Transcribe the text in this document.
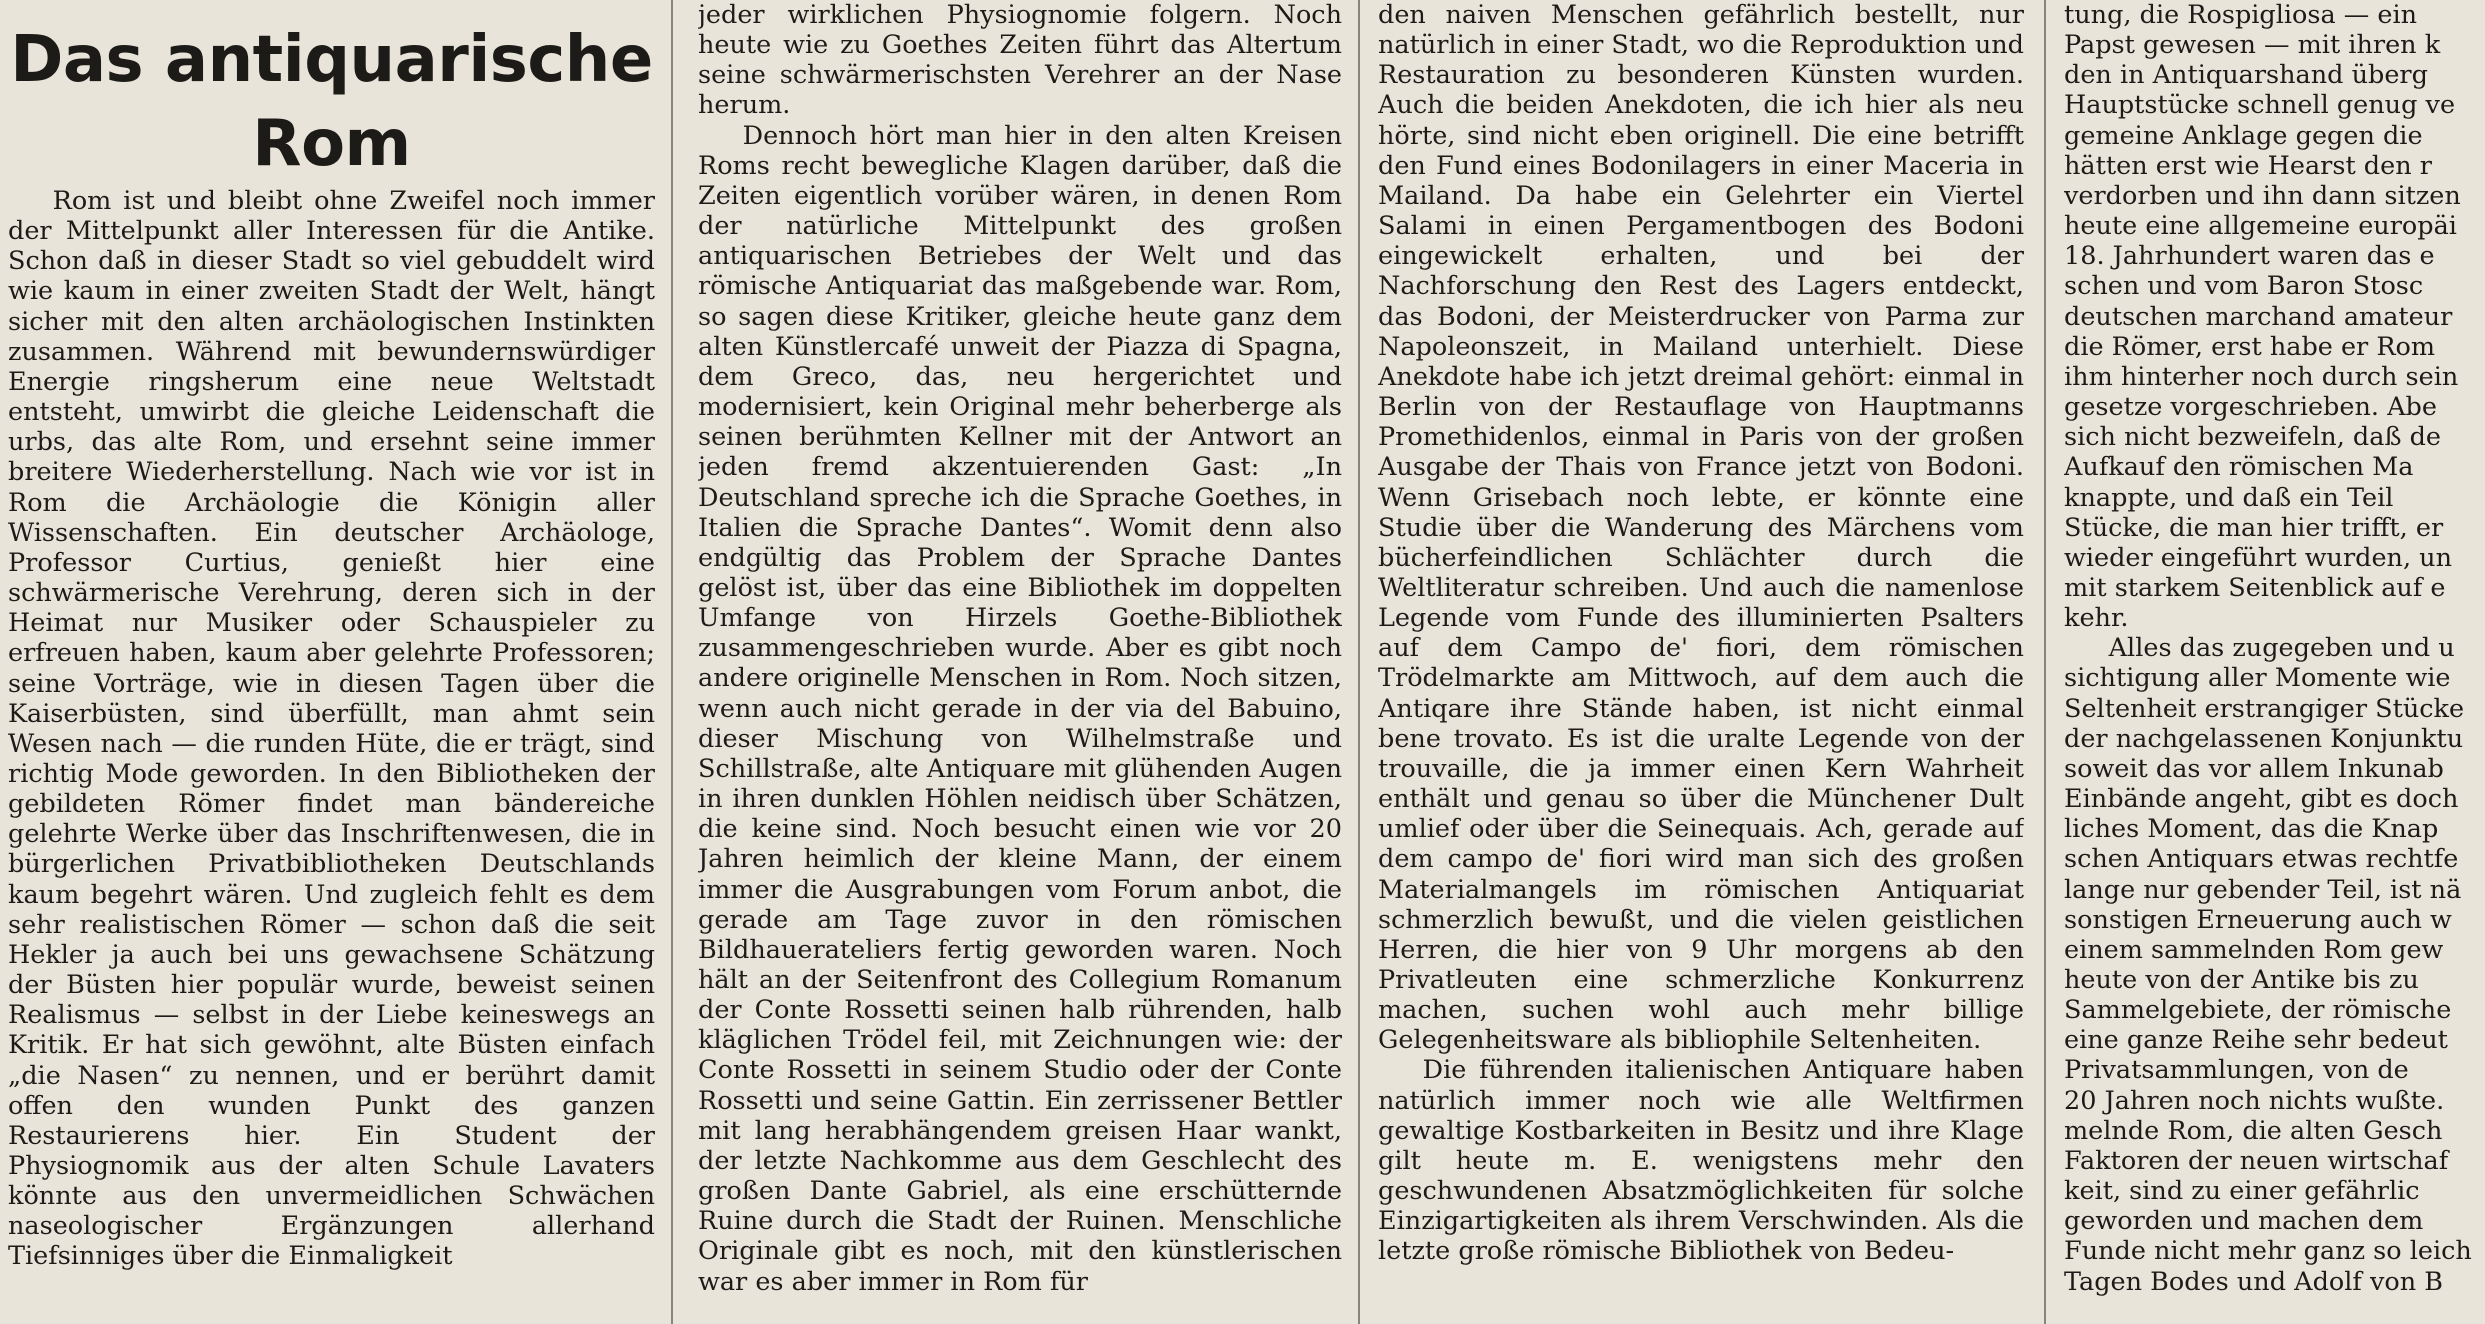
Das antiquarische
Rom

Rom ist und bleibt ohne Zweifel noch immer der Mittelpunkt aller Interessen für die Antike. Schon daß in dieser Stadt so viel gebuddelt wird wie kaum in einer zweiten Stadt der Welt, hängt sicher mit den alten archäologischen Instinkten zusammen. Während mit bewundernswürdiger Energie ringsherum eine neue Weltstadt entsteht, umwirbt die gleiche Leidenschaft die urbs, das alte Rom, und ersehnt seine immer breitere Wiederherstellung. Nach wie vor ist in Rom die Archäologie die Königin aller Wissenschaften. Ein deutscher Archäologe, Professor Curtius, genießt hier eine schwärmerische Verehrung, deren sich in der Heimat nur Musiker oder Schauspieler zu erfreuen haben, kaum aber gelehrte Professoren; seine Vorträge, wie in diesen Tagen über die Kaiserbüsten, sind überfüllt, man ahmt sein Wesen nach — die runden Hüte, die er trägt, sind richtig Mode geworden. In den Bibliotheken der gebildeten Römer findet man bändereiche gelehrte Werke über das Inschriftenwesen, die in bürgerlichen Privatbibliotheken Deutschlands kaum begehrt wären. Und zugleich fehlt es dem sehr realistischen Römer — schon daß die seit Hekler ja auch bei uns gewachsene Schätzung der Büsten hier populär wurde, beweist seinen Realismus — selbst in der Liebe keineswegs an Kritik. Er hat sich gewöhnt, alte Büsten einfach „die Nasen“ zu nennen, und er berührt damit offen den wunden Punkt des ganzen Restaurierens hier. Ein Student der Physiognomik aus der alten Schule Lavaters könnte aus den unvermeidlichen Schwächen naseologischer Ergänzungen allerhand Tiefsinniges über die Einmaligkeit

jeder wirklichen Physiognomie folgern. Noch heute wie zu Goethes Zeiten führt das Altertum seine schwärmerischsten Verehrer an der Nase herum.

Dennoch hört man hier in den alten Kreisen Roms recht bewegliche Klagen darüber, daß die Zeiten eigentlich vorüber wären, in denen Rom der natürliche Mittelpunkt des großen antiquarischen Betriebes der Welt und das römische Antiquariat das maßgebende war. Rom, so sagen diese Kritiker, gleiche heute ganz dem alten Künstlercafé unweit der Piazza di Spagna, dem Greco, das, neu hergerichtet und modernisiert, kein Original mehr beherberge als seinen berühmten Kellner mit der Antwort an jeden fremd akzentuierenden Gast: „In Deutschland spreche ich die Sprache Goethes, in Italien die Sprache Dantes“. Womit denn also endgültig das Problem der Sprache Dantes gelöst ist, über das eine Bibliothek im doppelten Umfange von Hirzels Goethe-Bibliothek zusammengeschrieben wurde. Aber es gibt noch andere originelle Menschen in Rom. Noch sitzen, wenn auch nicht gerade in der via del Babuino, dieser Mischung von Wilhelmstraße und Schillstraße, alte Antiquare mit glühenden Augen in ihren dunklen Höhlen neidisch über Schätzen, die keine sind. Noch besucht einen wie vor 20 Jahren heimlich der kleine Mann, der einem immer die Ausgrabungen vom Forum anbot, die gerade am Tage zuvor in den römischen Bildhauerateliers fertig geworden waren. Noch hält an der Seitenfront des Collegium Romanum der Conte Rossetti seinen halb rührenden, halb kläglichen Trödel feil, mit Zeichnungen wie: der Conte Rossetti in seinem Studio oder der Conte Rossetti und seine Gattin. Ein zerrissener Bettler mit lang herabhängendem greisen Haar wankt, der letzte Nachkomme aus dem Geschlecht des großen Dante Gabriel, als eine erschütternde Ruine durch die Stadt der Ruinen. Menschliche Originale gibt es noch, mit den künstlerischen war es aber immer in Rom für

den naiven Menschen gefährlich bestellt, nur natürlich in einer Stadt, wo die Reproduktion und Restauration zu besonderen Künsten wurden. Auch die beiden Anekdoten, die ich hier als neu hörte, sind nicht eben originell. Die eine betrifft den Fund eines Bodonilagers in einer Maceria in Mailand. Da habe ein Gelehrter ein Viertel Salami in einen Pergamentbogen des Bodoni eingewickelt erhalten, und bei der Nachforschung den Rest des Lagers entdeckt, das Bodoni, der Meisterdrucker von Parma zur Napoleonszeit, in Mailand unterhielt. Diese Anekdote habe ich jetzt dreimal gehört: einmal in Berlin von der Restauflage von Hauptmanns Promethidenlos, einmal in Paris von der großen Ausgabe der Thais von France jetzt von Bodoni. Wenn Grisebach noch lebte, er könnte eine Studie über die Wanderung des Märchens vom bücherfeindlichen Schlächter durch die Weltliteratur schreiben. Und auch die namenlose Legende vom Funde des illuminierten Psalters auf dem Campo de' fiori, dem römischen Trödelmarkte am Mittwoch, auf dem auch die Antiqare ihre Stände haben, ist nicht einmal bene trovato. Es ist die uralte Legende von der trouvaille, die ja immer einen Kern Wahrheit enthält und genau so über die Münchener Dult umlief oder über die Seinequais. Ach, gerade auf dem campo de' fiori wird man sich des großen Materialmangels im römischen Antiquariat schmerzlich bewußt, und die vielen geistlichen Herren, die hier von 9 Uhr morgens ab den Privatleuten eine schmerzliche Konkurrenz machen, suchen wohl auch mehr billige Gelegenheitsware als bibliophile Seltenheiten.

Die führenden italienischen Antiquare haben natürlich immer noch wie alle Weltfirmen gewaltige Kostbarkeiten in Besitz und ihre Klage gilt heute m. E. wenigstens mehr den geschwundenen Absatzmöglichkeiten für solche Einzigartigkeiten als ihrem Verschwinden. Als die letzte große römische Bibliothek von Bedeu-

tung, die Rospigliosa — ein
Papst gewesen — mit ihren k
den in Antiquarshand überg
Hauptstücke schnell genug ve
gemeine Anklage gegen die
hätten erst wie Hearst den r
verdorben und ihn dann sitzen
heute eine allgemeine europäi
18. Jahrhundert waren das e
schen und vom Baron Stosc
deutschen marchand amateur
die Römer, erst habe er Rom
ihm hinterher noch durch sein
gesetze vorgeschrieben. Abe
sich nicht bezweifeln, daß de
Aufkauf den römischen Ma
knappte, und daß ein Teil
Stücke, die man hier trifft, er
wieder eingeführt wurden, un
mit starkem Seitenblick auf e
kehr.
Alles das zugegeben und u
sichtigung aller Momente wie
Seltenheit erstrangiger Stücke
der nachgelassenen Konjunktu
soweit das vor allem Inkunab
Einbände angeht, gibt es doch
liches Moment, das die Knap
schen Antiquars etwas rechtfe
lange nur gebender Teil, ist nä
sonstigen Erneuerung auch w
einem sammelnden Rom gew
heute von der Antike bis zu
Sammelgebiete, der römische
eine ganze Reihe sehr bedeut
Privatsammlungen, von de
20 Jahren noch nichts wußte.
melnde Rom, die alten Gesch
Faktoren der neuen wirtschaf
keit, sind zu einer gefährlic
geworden und machen dem
Funde nicht mehr ganz so leich
Tagen Bodes und Adolf von B
